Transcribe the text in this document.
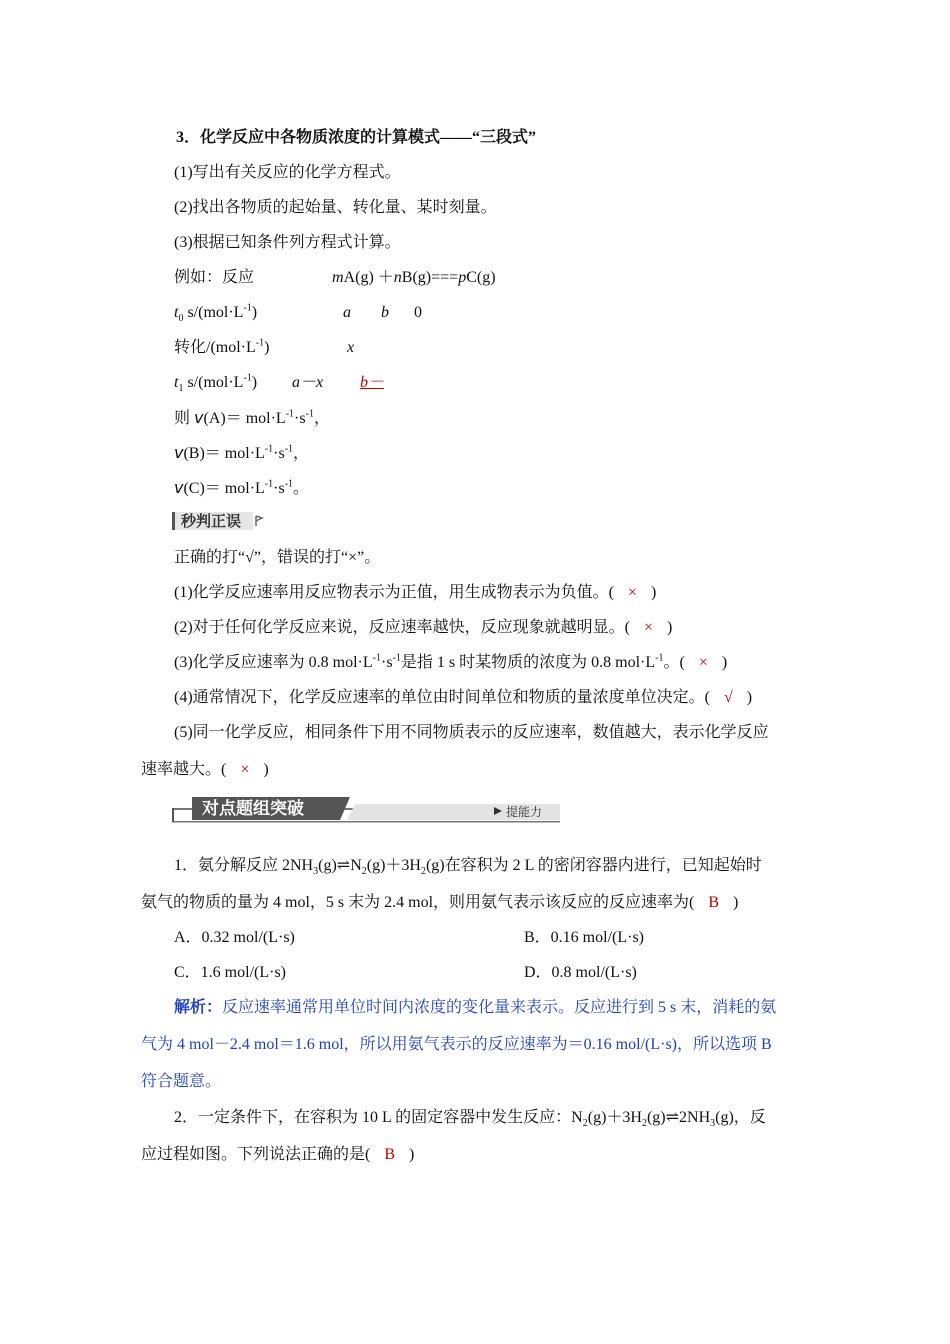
3．化学反应中各物质浓度的计算模式——“三段式”
(1)写出有关反应的化学方程式。
(2)找出各物质的起始量、转化量、某时刻量。
(3)根据已知条件列方程式计算。
例如：反应	mA(g) ＋nB(g)===pC(g)
$t_0$ $s/(mol\cdot L^{-1})$	a b 0
转化$/(mol\cdot L^{-1})$	x
$t_1$ $s/(mol\cdot L^{-1})$ a－x b－
则 $v(A)= mol\cdot L^{-1}\cdot s^{-1}$，
$v(B)= mol\cdot L^{-1}\cdot s^{-1}$，
$v(C)= mol\cdot L^{-1}\cdot s^{-1}$。
秒判正误
正确的打“√”，错误的打“×”。
(1)化学反应速率用反应物表示为正值，用生成物表示为负值。( × )
(2)对于任何化学反应来说，反应速率越快，反应现象就越明显。( × )
(3)化学反应速率为 0.8 $mol\cdot L^{-1}\cdot s^{-1}$是指 1 s 时某物质的浓度为 0.8 $mol\cdot L^{-1}$。( × )
(4)通常情况下，化学反应速率的单位由时间单位和物质的量浓度单位决定。( √ )
(5)同一化学反应，相同条件下用不同物质表示的反应速率，数值越大，表示化学反应
速率越大。( × )
对点题组突破	提能力
1．氨分解反应 $2NH_3(g)\rightleftharpoons N_2(g)+3H_2(g)$在容积为 2 L 的密闭容器内进行，已知起始时
氨气的物质的量为 4 mol，5 s 末为 2.4 mol，则用氨气表示该反应的反应速率为( B )
A．0.32 mol/(L·s)	B．0.16 mol/(L·s)
C．1.6 mol/(L·s)	D．0.8 mol/(L·s)
解析：反应速率通常用单位时间内浓度的变化量来表示。反应进行到 5 s 末，消耗的氨
气为 4 mol－2.4 mol＝1.6 mol，所以用氨气表示的反应速率为＝0.16 mol/(L·s)，所以选项 B
符合题意。
2．一定条件下，在容积为 10 L 的固定容器中发生反应：$N_2(g)+3H_2(g)\rightleftharpoons 2NH_3(g)$，反
应过程如图。下列说法正确的是( B )
